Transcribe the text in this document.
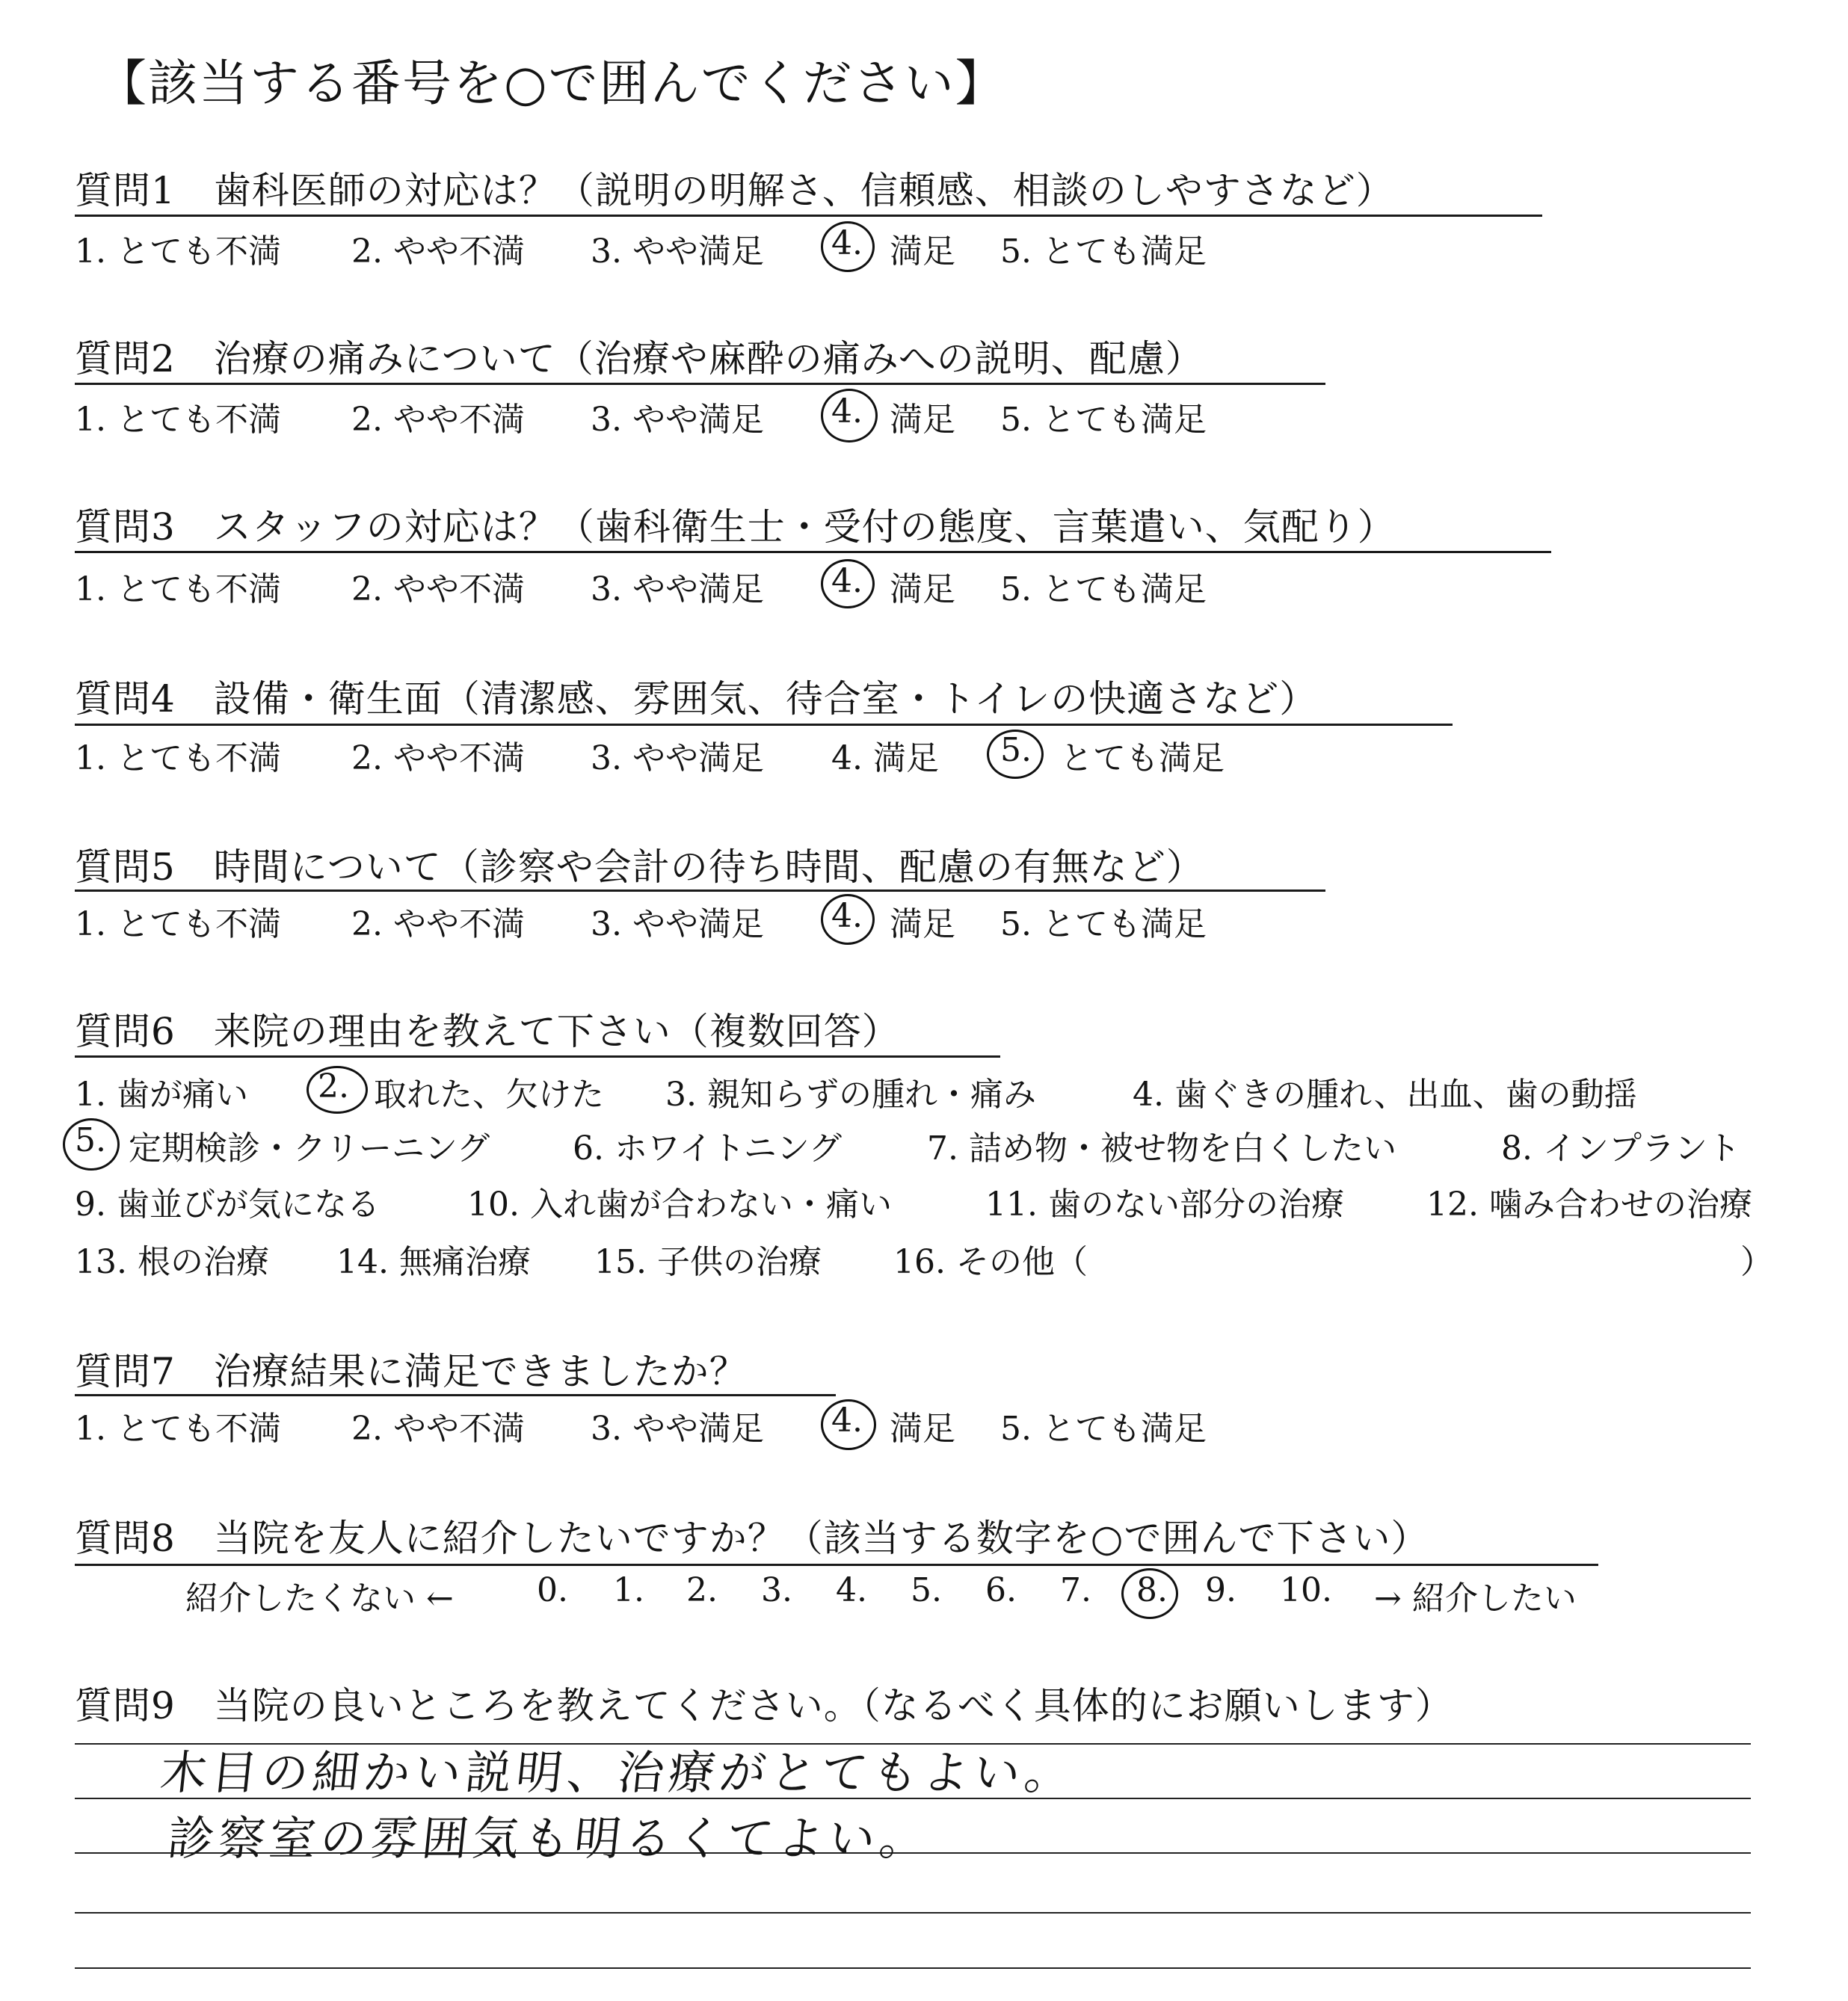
【該当する番号を○で囲んでください】
質問1　歯科医師の対応は？（説明の明解さ、信頼感、相談のしやすさなど）
1. とても不満 2. やや不満 3. やや満足 4. 満足 5. とても満足
質問2　治療の痛みについて（治療や麻酔の痛みへの説明、配慮）
1. とても不満 2. やや不満 3. やや満足 4. 満足 5. とても満足
質問3　スタッフの対応は？（歯科衛生士・受付の態度、言葉遣い、気配り）
1. とても不満 2. やや不満 3. やや満足 4. 満足 5. とても満足
質問4　設備・衛生面（清潔感、雰囲気、待合室・トイレの快適さなど）
1. とても不満 2. やや不満 3. やや満足 4. 満足 5. とても満足
質問5　時間について（診察や会計の待ち時間、配慮の有無など）
1. とても不満 2. やや不満 3. やや満足 4. 満足 5. とても満足
質問6　来院の理由を教えて下さい（複数回答）
1. 歯が痛い 2. 取れた、欠けた 3. 親知らずの腫れ・痛み	4. 歯ぐきの腫れ、出血、歯の動揺
5. 定期検診・クリーニング	6. ホワイトニング	7. 詰め物・被せ物を白くしたい	8. インプラント
9. 歯並びが気になる	10. 入れ歯が合わない・痛い	11. 歯のない部分の治療	12. 噛み合わせの治療
13. 根の治療 14. 無痛治療 15. 子供の治療 16. その他（	）
質問7　治療結果に満足できましたか？
1. とても不満 2. やや不満 3. やや満足 4. 満足 5. とても満足
質問8　当院を友人に紹介したいですか？（該当する数字を○で囲んで下さい）
紹介したくない ←	0. 1. 2. 3. 4. 5. 6. 7. 8. 9. 10. → 紹介したい
質問9　当院の良いところを教えてください。（なるべく具体的にお願いします）
木目の細かい説明、治療がとてもよい。
診察室の雰囲気も明るくてよい。
